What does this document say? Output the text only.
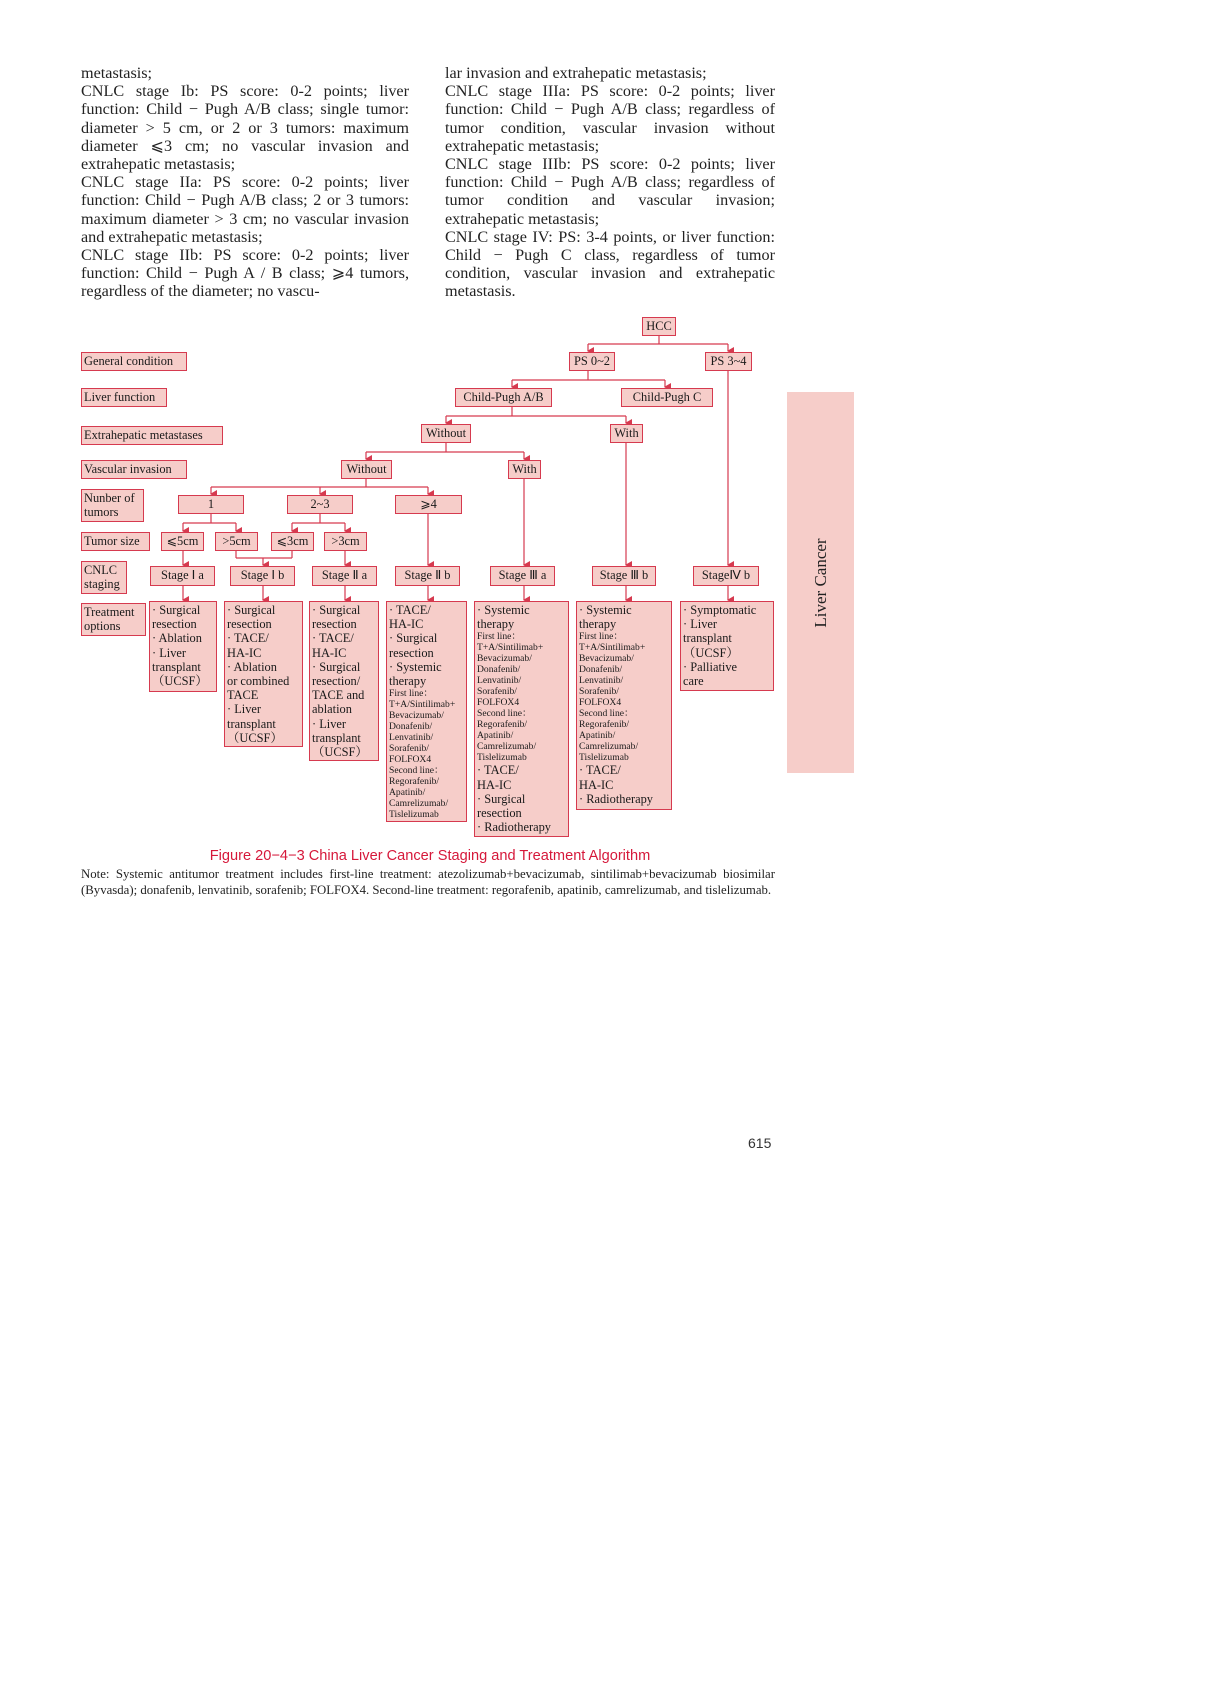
metastasis;

CNLC stage Ib: PS score: 0-2 points; liver function: Child − Pugh A/B class; single tumor: diameter > 5 cm, or 2 or 3 tumors: maximum diameter ⩽3 cm; no vascular invasion and extrahepatic metastasis;

CNLC stage IIa: PS score: 0-2 points; liver function: Child − Pugh A/B class; 2 or 3 tumors: maximum diameter > 3 cm; no vascular invasion and extrahepatic metastasis;

CNLC stage IIb: PS score: 0-2 points; liver function: Child − Pugh A / B class; ⩾4 tumors, regardless of the diameter; no vascu-

lar invasion and extrahepatic metastasis;

CNLC stage IIIa: PS score: 0-2 points; liver function: Child − Pugh A/B class; regardless of tumor condition, vascular invasion without extrahepatic metastasis;

CNLC stage IIIb: PS score: 0-2 points; liver function: Child − Pugh A/B class; regardless of tumor condition and vascular invasion; extrahepatic metastasis;

CNLC stage IV: PS: 3-4 points, or liver function: Child − Pugh C class, regardless of tumor condition, vascular invasion and extrahepatic metastasis.

General condition
Liver function
Extrahepatic metastases
Vascular invasion
Nunber of tumors
Tumor size
CNLC staging
Treatment options
HCC
PS 0~2	PS 3~4
Child-Pugh A/B	Child-Pugh C
Without	With
Without	With
1	2~3	⩾4
⩽5cm	>5cm	⩽3cm	>3cm
Stage Ⅰ a	Stage Ⅰ b	Stage Ⅱ a	Stage Ⅱ b	Stage Ⅲ a	Stage Ⅲ b	StageⅣ b
· Surgical
resection
· Ablation
· Liver
transplant
（UCSF）
· Surgical
resection
· TACE/
HA-IC
· Ablation
or combined
TACE
· Liver
transplant
（UCSF）
· Surgical
resection
· TACE/
HA-IC
· Surgical
resection/
TACE and
ablation
· Liver
transplant
（UCSF）
· TACE/
HA-IC
· Surgical
resection
· Systemic
therapy
First line：
T+A/Sintilimab+
Bevacizumab/
Donafenib/
Lenvatinib/
Sorafenib/
FOLFOX4
Second line：
Regorafenib/
Apatinib/
Camrelizumab/
Tislelizumab
· Systemic
therapy
First line：
T+A/Sintilimab+
Bevacizumab/
Donafenib/
Lenvatinib/
Sorafenib/
FOLFOX4
Second line：
Regorafenib/
Apatinib/
Camrelizumab/
Tislelizumab
· TACE/
HA-IC
· Surgical
resection
· Radiotherapy
· Systemic
therapy
First line：
T+A/Sintilimab+
Bevacizumab/
Donafenib/
Lenvatinib/
Sorafenib/
FOLFOX4
Second line：
Regorafenib/
Apatinib/
Camrelizumab/
Tislelizumab
· TACE/
HA-IC
· Radiotherapy
· Symptomatic
· Liver
transplant
（UCSF）
· Palliative
care
Figure 20−4−3 China Liver Cancer Staging and Treatment Algorithm
Note: Systemic antitumor treatment includes first-line treatment: atezolizumab+bevacizumab, sintilimab+bevacizumab biosimilar (Byvasda); donafenib, lenvatinib, sorafenib; FOLFOX4. Second-line treatment: regorafenib, apatinib, camrelizumab, and tislelizumab.
Liver Cancer
615
